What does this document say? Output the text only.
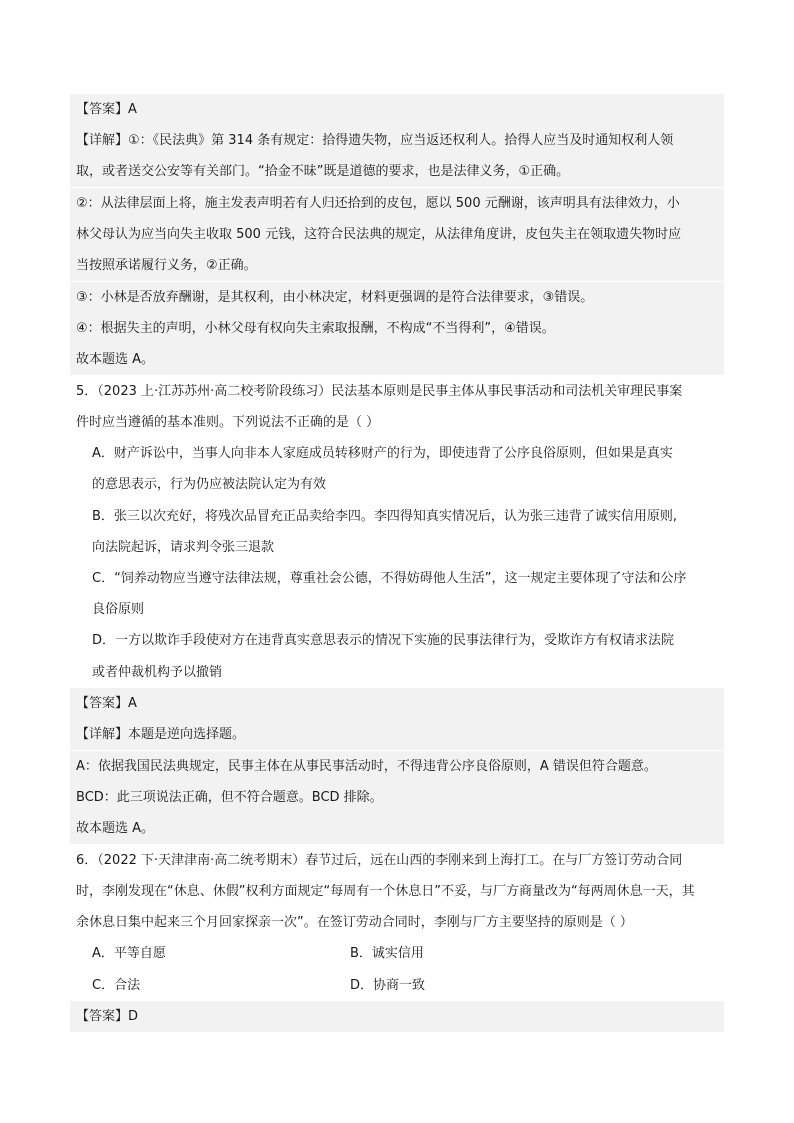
【答案】A
【详解】①：《民法典》第 314 条有规定：拾得遗失物，应当返还权利人。拾得人应当及时通知权利人领
取，或者送交公安等有关部门。“拾金不昧”既是道德的要求，也是法律义务，①正确。
②：从法律层面上将，施主发表声明若有人归还拾到的皮包，愿以 500 元酬谢，该声明具有法律效力，小
林父母认为应当向失主收取 500 元钱，这符合民法典的规定，从法律角度讲，皮包失主在领取遗失物时应
当按照承诺履行义务，②正确。
③：小林是否放弃酬谢，是其权利，由小林决定，材料更强调的是符合法律要求，③错误。
④：根据失主的声明，小林父母有权向失主索取报酬，不构成“不当得利”，④错误。
故本题选 A。
5．（2023 上·江苏苏州·高二校考阶段练习）民法基本原则是民事主体从事民事活动和司法机关审理民事案
件时应当遵循的基本准则。下列说法不正确的是（ ）
A．财产诉讼中，当事人向非本人家庭成员转移财产的行为，即使违背了公序良俗原则，但如果是真实
的意思表示，行为仍应被法院认定为有效
B．张三以次充好，将残次品冒充正品卖给李四。李四得知真实情况后，认为张三违背了诚实信用原则,
向法院起诉，请求判令张三退款
C．“饲养动物应当遵守法律法规，尊重社会公德，不得妨碍他人生活”，这一规定主要体现了守法和公序
良俗原则
D．一方以欺诈手段使对方在违背真实意思表示的情况下实施的民事法律行为，受欺诈方有权请求法院
或者仲裁机构予以撤销
【答案】A
【详解】本题是逆向选择题。
A：依据我国民法典规定，民事主体在从事民事活动时，不得违背公序良俗原则，A 错误但符合题意。
BCD：此三项说法正确，但不符合题意。BCD 排除。
故本题选 A。
6．（2022 下·天津津南·高二统考期末）春节过后，远在山西的李刚来到上海打工。在与厂方签订劳动合同
时，李刚发现在“休息、休假”权利方面规定“每周有一个休息日”不妥，与厂方商量改为“每两周休息一天，其
余休息日集中起来三个月回家探亲一次”。在签订劳动合同时，李刚与厂方主要坚持的原则是（ ）
A．平等自愿	B．诚实信用
C．合法	D．协商一致
【答案】D
